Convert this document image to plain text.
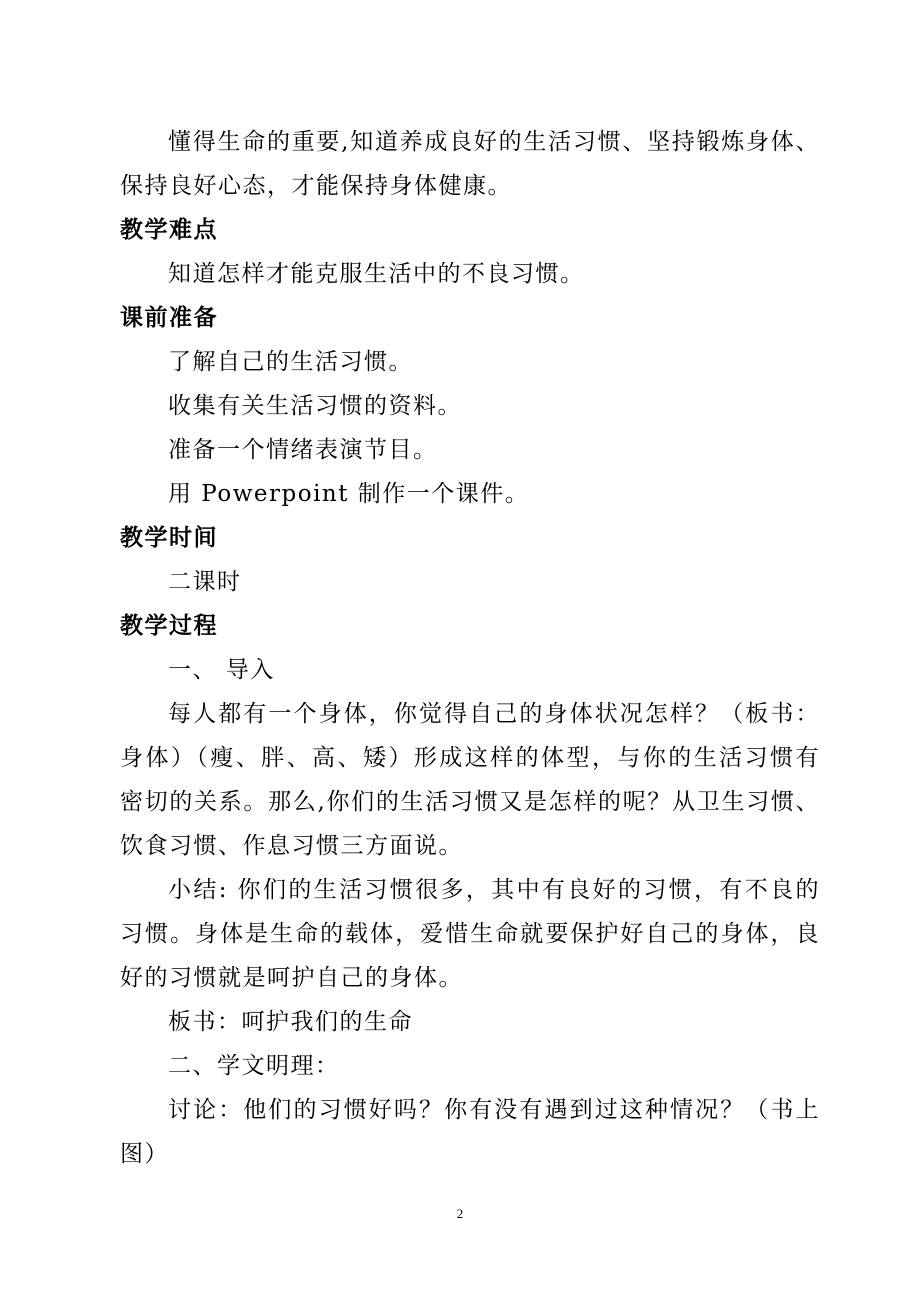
懂得生命的重要,知道养成良好的生活习惯、坚持锻炼身体、
保持良好心态，才能保持身体健康。
教学难点
知道怎样才能克服生活中的不良习惯。
课前准备
了解自己的生活习惯。
收集有关生活习惯的资料。
准备一个情绪表演节目。
用 Powerpoint 制作一个课件。
教学时间
二课时
教学过程
一、 导入
每人都有一个身体，你觉得自己的身体状况怎样？（板书：
身体）（瘦、胖、高、矮）形成这样的体型，与你的生活习惯有
密切的关系。那么,你们的生活习惯又是怎样的呢？从卫生习惯、
饮食习惯、作息习惯三方面说。
小结: 你们的生活习惯很多，其中有良好的习惯，有不良的
习惯。身体是生命的载体，爱惜生命就要保护好自己的身体，良
好的习惯就是呵护自己的身体。
板书：呵护我们的生命
二、学文明理：
讨论：他们的习惯好吗？你有没有遇到过这种情况？（书上
图）
2
